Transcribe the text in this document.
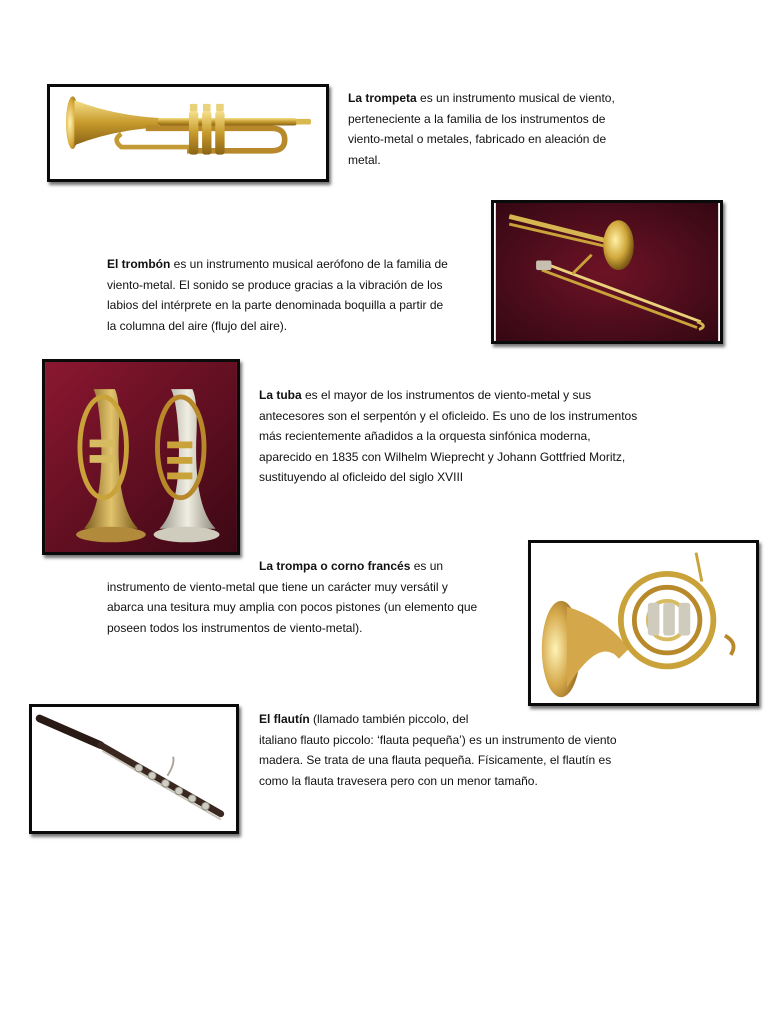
La trompeta es un instrumento musical de viento,
perteneciente a la familia de los instrumentos de
viento-metal o metales, fabricado en aleación de
metal.
El trombón es un instrumento musical aerófono de la familia de
viento-metal. El sonido se produce gracias a la vibración de los
labios del intérprete en la parte denominada boquilla a partir de
la columna del aire (flujo del aire).
La tuba es el mayor de los instrumentos de viento-metal y sus
antecesores son el serpentón y el oficleido. Es uno de los instrumentos
más recientemente añadidos a la orquesta sinfónica moderna,
aparecido en 1835 con Wilhelm Wieprecht y Johann Gottfried Moritz,
sustituyendo al oficleido del siglo XVIII
La trompa o corno francés es un
instrumento de viento-metal que tiene un carácter muy versátil y
abarca una tesitura muy amplia con pocos pistones (un elemento que
poseen todos los instrumentos de viento-metal).
El flautín (llamado también piccolo, del
italiano flauto piccolo: ‘flauta pequeña’) es un instrumento de viento
madera. Se trata de una flauta pequeña. Físicamente, el flautín es
como la flauta travesera pero con un menor tamaño.
